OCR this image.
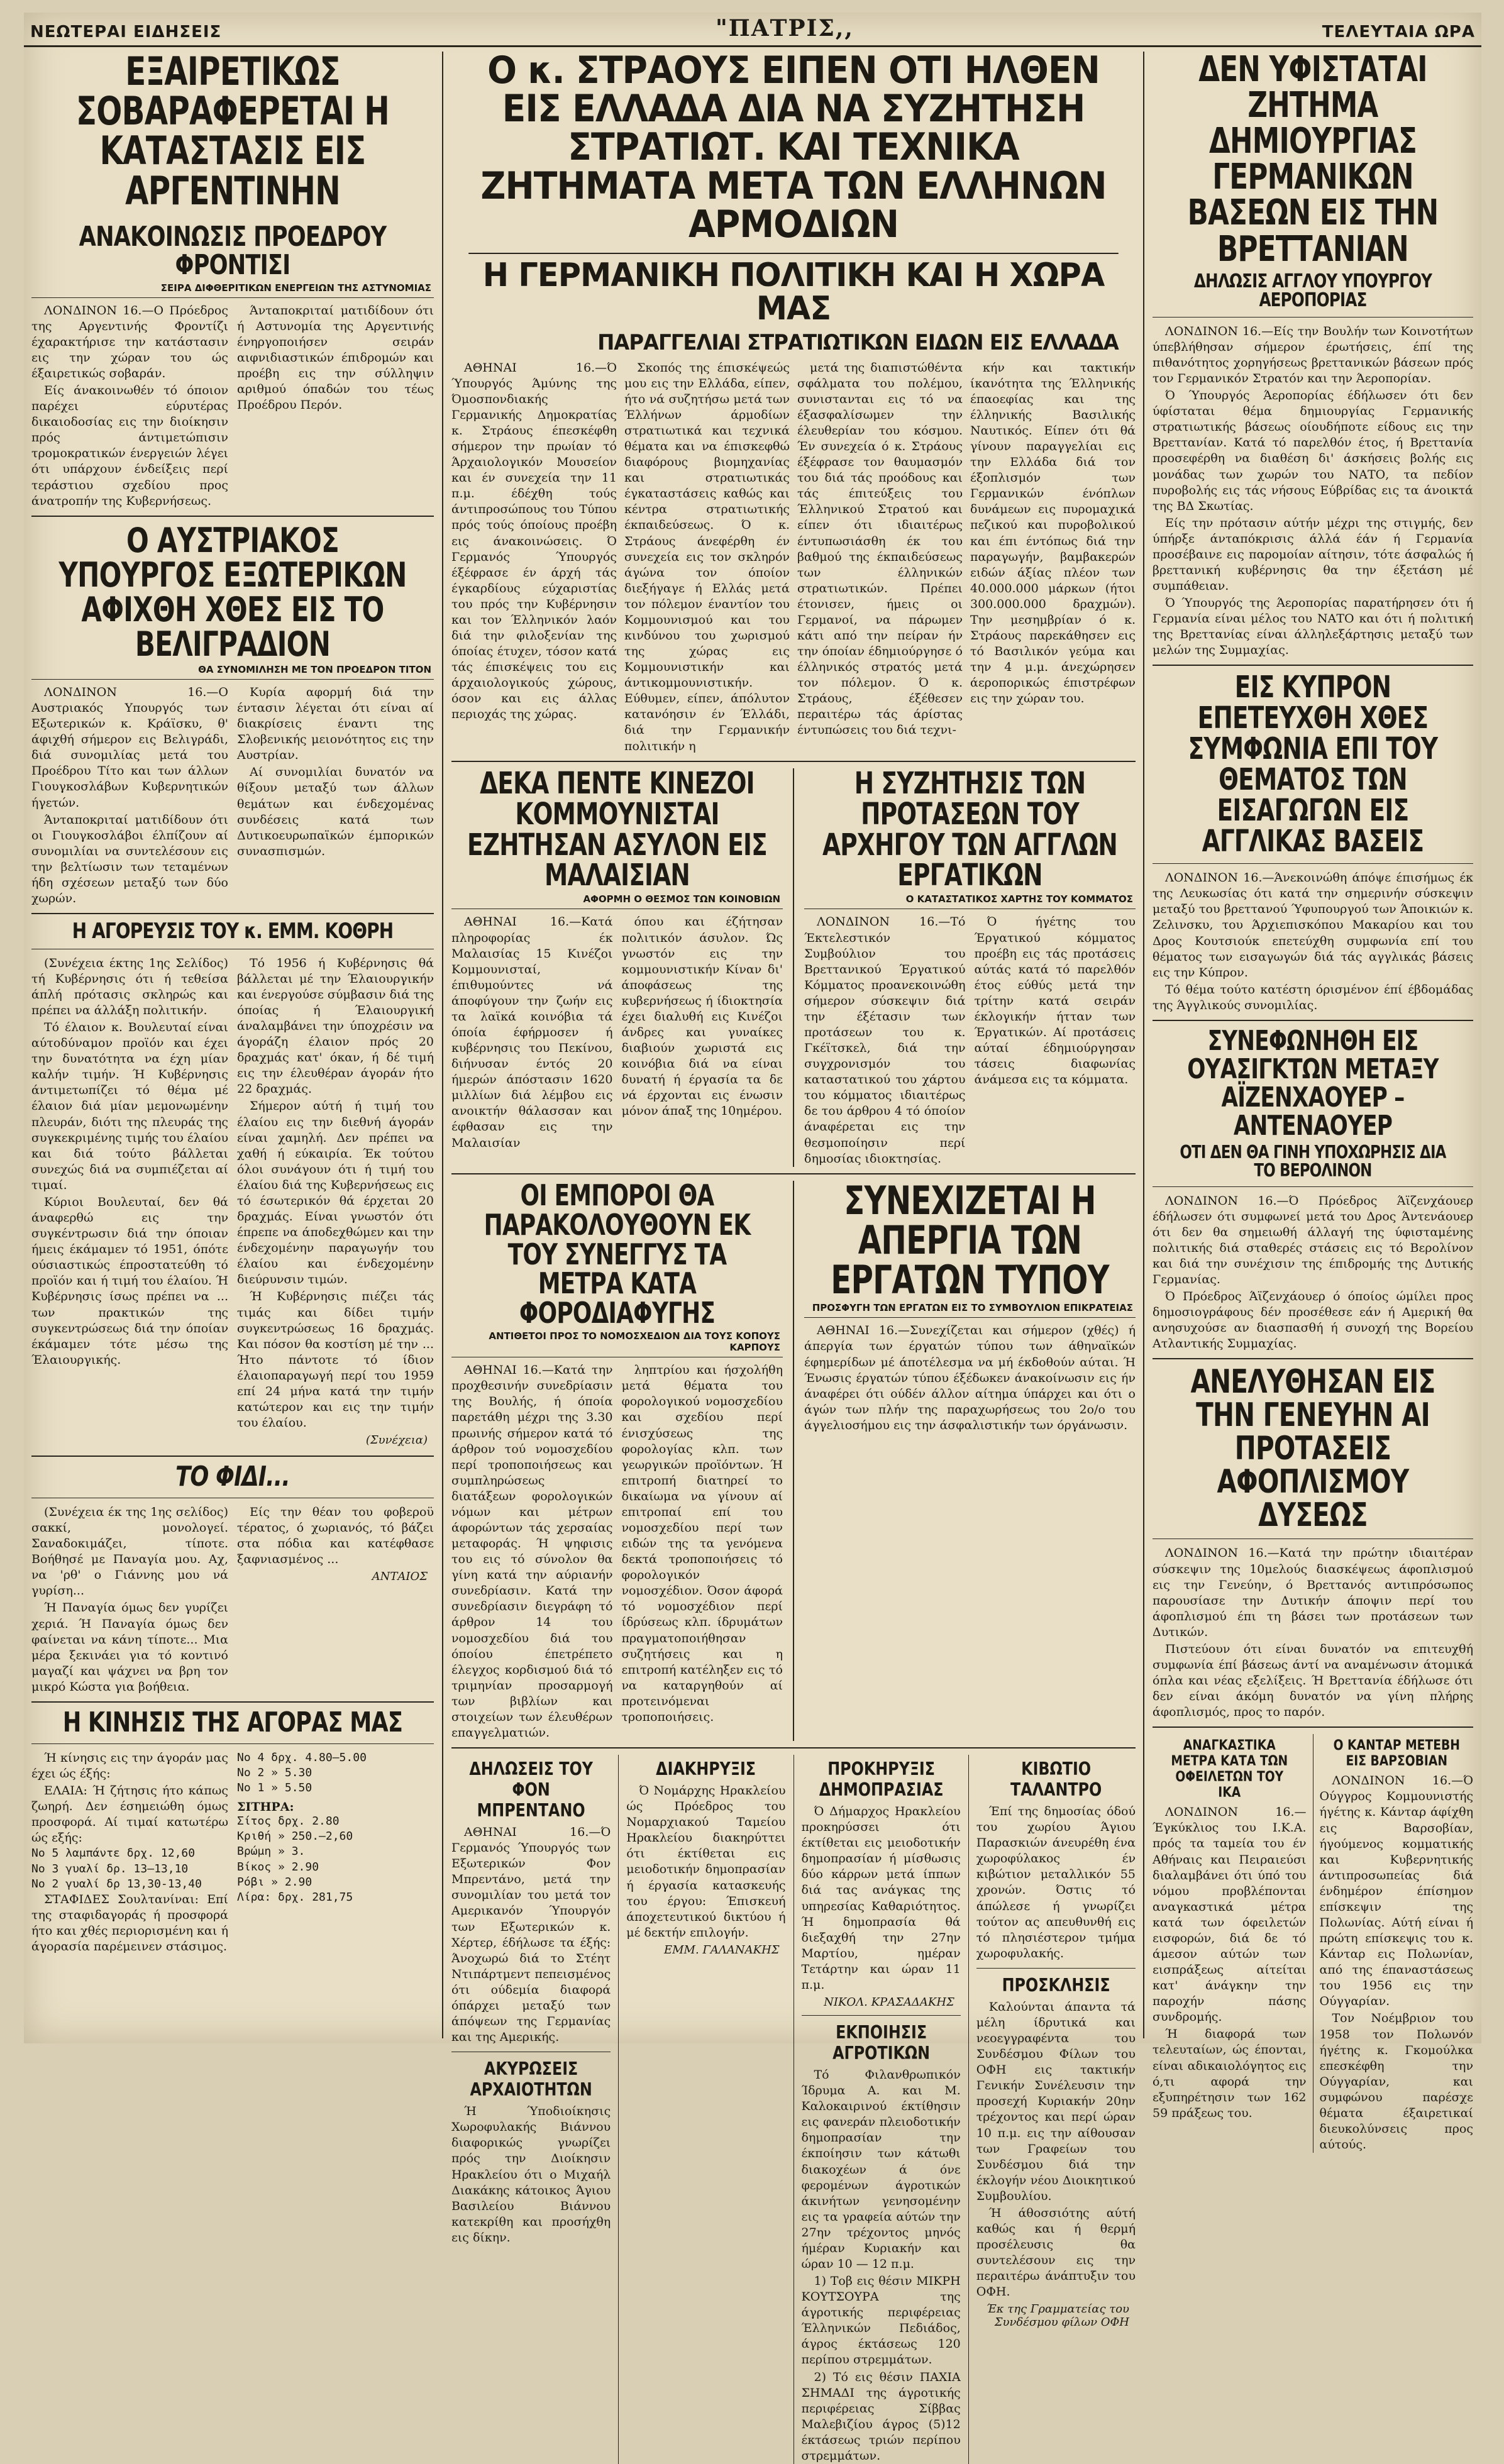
ΝΕΩΤΕΡΑΙ ΕΙΔΗΣΕΙΣ	"ΠΑΤΡΙΣ,,	ΤΕΛΕΥΤΑΙΑ ΩΡΑ
ΕΞΑΙΡΕΤΙΚΩΣ ΣΟΒΑΡΑΦΕΡΕΤΑΙ Η ΚΑΤΑΣΤΑΣΙΣ ΕΙΣ ΑΡΓΕΝΤΙΝΗΝ
ΑΝΑΚΟΙΝΩΣΙΣ ΠΡΟΕΔΡΟΥ ΦΡΟΝΤΙΣΙ
ΣΕΙΡΑ ΔΙΦΘΕΡΙΤΙΚΩΝ ΕΝΕΡΓΕΙΩΝ ΤΗΣ ΑΣΤΥΝΟΜΙΑΣ

ΛΟΝΔΙΝΟΝ 16.—Ο Πρόεδρος της Αργεντινής Φροντίζι έχαρακτήρισε την κατάστασιν εις την χώραν του ώς έξαιρετικώς σοβαράν.

Είς άνακοινωθέν τό όποιον παρέχει εύρυτέρας δικαιοδοσίας εις την διοίκησιν πρός άντιμετώπισιν τρομοκρατικών ένεργειών λέγει ότι υπάρχουν ένδείξεις περί τεράστιου σχεδίου προς άνατροπήν της Κυβερνήσεως.

Άνταποκριταί ματιδίδουν ότι ή Αστυνομία της Αργεντινής ένηργοποιήσεν σειράν αιφνιδιαστικών έπιδρομών και προέβη εις την σύλληψιν αριθμού όπαδών του τέως Προέδρου Περόν.

Ο ΑΥΣΤΡΙΑΚΟΣ ΥΠΟΥΡΓΟΣ ΕΞΩΤΕΡΙΚΩΝ ΑΦΙΧΘΗ ΧΘΕΣ ΕΙΣ ΤΟ ΒΕΛΙΓΡΑΔΙΟΝ
ΘΑ ΣΥΝΟΜΙΛΗΣΗ ΜΕ ΤΟΝ ΠΡΟΕΔΡΟΝ ΤΙΤΟΝ

ΛΟΝΔΙΝΟΝ 16.—Ο Αυστριακός Υπουργός των Εξωτερικών κ. Κράϊσκυ, θ' άφιχθή σήμερον εις Βελιγράδι, διά συνομιλίας μετά του Προέδρου Τίτο και των άλλων Γιουγκοσλάβων Κυβερνητικών ήγετών.

Άνταποκριταί ματιδίδουν ότι οι Γιουγκοσλάβοι έλπίζουν αί συνομιλίαι να συντελέσουν εις την βελτίωσιν των τεταμένων ήδη σχέσεων μεταξύ των δύο χωρών.

Κυρία αφορμή διά την έντασιν λέγεται ότι είναι αί διακρίσεις έναντι της Σλοβενικής μειονότητος εις την Αυστρίαν.

Αί συνομιλίαι δυνατόν να θίξουν μεταξύ των άλλων θεμάτων και ένδεχομένας συνδέσεις κατά των Δυτικοευρωπαϊκών έμπορικών συνασπισμών.

Η ΑΓΟΡΕΥΣΙΣ ΤΟΥ κ. ΕΜΜ. ΚΟΘΡΗ

(Συνέχεια έκτης 1ης Σελίδος) τή Κυβέρνησις ότι ή τεθείσα άπλή πρότασις σκληρώς και πρέπει να άλλάξη πολιτικήν.

Τό έλαιον κ. Βουλευταί είναι αύτοδύναμον προϊόν και έχει την δυνατότητα να έχη μίαν καλήν τιμήν. Ή Κυβέρνησις άντιμετωπίζει τό θέμα μέ έλαιον διά μίαν μεμονωμένην πλευράν, διότι της πλευράς της συγκεκριμένης τιμής του έλαίου και διά τούτο βάλλεται συνεχώς διά να συμπιέζεται αί τιμαί.

Κύριοι Βουλευταί, δεν θά άναφερθώ εις την συγκέντρωσιν διά την όποιαν ήμεις έκάμαμεν τό 1951, όπότε ούσιαστικώς έπροστατεύθη τό προϊόν και ή τιμή του έλαίου. Ή Κυβέρνησις ίσως πρέπει να ... των πρακτικών της συγκεντρώσεως διά την όποίαν έκάμαμεν τότε μέσω της Έλαιουργικής.

Τό 1956 ή Κυβέρνησις θά βάλλεται μέ την Έλαιουργικήν και ένεργούσε σύμβασιν διά της όποίας ή Έλαιουργική άναλαμβάνει την ύποχρέσιν να άγοράζη έλαιον πρός 20 δραχμάς κατ' όκαν, ή δέ τιμή εις την έλευθέραν άγοράν ήτο 22 δραχμάς.

Σήμερον αύτή ή τιμή του έλαίου εις την διεθνή άγοράν είναι χαμηλή. Δεν πρέπει να χαθή ή εύκαιρία. Έκ τούτου όλοι συνάγουν ότι ή τιμή του έλαίου διά της Κυβερνήσεως εις τό έσωτερικόν θά έρχεται 20 δραχμάς. Είναι γνωστόν ότι έπρεπε να άποδεχθώμεν και την ένδεχομένην παραγωγήν του έλαίου και ένδεχομένην διεύρυνσιν τιμών.

Ή Κυβέρνησις πιέζει τάς τιμάς και δίδει τιμήν συγκεντρώσεως 16 δραχμάς. Και πόσον θα κοστίση μέ την ... Ήτο πάντοτε τό ίδιον έλαιοπαραγωγή περί του 1959 επί 24 μήνα κατά την τιμήν κατώτερον και εις την τιμήν του έλαίου.

(Συνέχεια)
ΤΟ ΦΙΔΙ...

(Συνέχεια έκ της 1ης σελίδος) σακκί, μονολογεί. Σαναδοκιμάζει, τίποτε. Βοήθησέ με Παναγία μου. Αχ, να 'ρθ' ο Γιάννης μου νά γυρίση...

Ή Παναγία όμως δεν γυρίζει χεριά. Ή Παναγία όμως δεν φαίνεται να κάνη τίποτε... Μια μέρα ξεκινάει για τό κοντινό μαγαζί και ψάχνει να βρη τον μικρό Κώστα για βοήθεια.

Είς την θέαν του φοβεροϋ τέρατος, ό χωριανός, τό βάζει στα πόδια και κατέφθασε ξαφνιασμένος ...

ΑΝΤΑΙΟΣ
Η ΚΙΝΗΣΙΣ ΤΗΣ ΑΓΟΡΑΣ ΜΑΣ

Ή κίνησις εις την άγοράν μας έχει ώς έξής:

ΕΛΑΙΑ: Ή ζήτησις ήτο κάπως ζωηρή. Δεν έσημειώθη όμως προσφορά. Αί τιμαί κατωτέρω ώς εξής:

Νο 5 λαμπάντε δρχ. 12,60
Νο 3 γυαλί δρ. 13—13,10
Νο 2 γυαλί δρ 13,30-13,40

ΣΤΑΦΙΔΕΣ Σουλτανίναι: Επί της σταφιδαγοράς ή προσφορά ήτο και χθές περιορισμένη και ή άγορασία παρέμεινεν στάσιμος.

Νο 4 δρχ. 4.80—5.00
Νο 2 » 5.30
Νο 1 » 5.50
ΣΙΤΗΡΑ:
Σίτος δρχ. 2.80
Κριθή » 250.—2,60
Βρώμη » 3.
Βίκος » 2.90
Ρόβι » 2.90
Λίρα: δρχ. 281,75
Ο κ. ΣΤΡΑΟΥΣ ΕΙΠΕΝ ΟΤΙ ΗΛΘΕΝ ΕΙΣ ΕΛΛΑΔΑ ΔΙΑ ΝΑ ΣΥΖΗΤΗΣΗ ΣΤΡΑΤΙΩΤ. ΚΑΙ ΤΕΧΝΙΚΑ ΖΗΤΗΜΑΤΑ ΜΕΤΑ ΤΩΝ ΕΛΛΗΝΩΝ ΑΡΜΟΔΙΩΝ
Η ΓΕΡΜΑΝΙΚΗ ΠΟΛΙΤΙΚΗ ΚΑΙ Η ΧΩΡΑ ΜΑΣ
ΠΑΡΑΓΓΕΛΙΑΙ ΣΤΡΑΤΙΩΤΙΚΩΝ ΕΙΔΩΝ ΕΙΣ ΕΛΛΑΔΑ

ΑΘΗΝΑΙ 16.—Ό Ύπουργός Άμύνης της Όμοσπονδιακής Γερμανικής Δημοκρατίας κ. Στράους έπεσκέφθη σήμερον την πρωίαν τό Άρχαιολογικόν Μουσείον και έν συνεχεία την 11 π.μ. έδέχθη τούς άντιπροσώπους του Τύπου πρός τούς όποίους προέβη εις άνακοινώσεις. Ό Γερμανός Ύπουργός έξέφρασε έν άρχή τάς έγκαρδίους εύχαριστίας του πρός την Κυβέρνησιν και τον Έλληνικόν λαόν διά την φιλοξενίαν της όποίας έτυχεν, τόσον κατά τάς έπισκέψεις του εις άρχαιολογικούς χώρους, όσον και εις άλλας περιοχάς της χώρας.

Σκοπός της έπισκέψεώς μου εις την Ελλάδα, είπεν, ήτο νά συζητήσω μετά των Έλλήνων άρμοδίων στρατιωτικά και τεχνικά θέματα και να έπισκεφθώ διαφόρους βιομηχανίας και στρατιωτικάς έγκαταστάσεις καθώς και κέντρα στρατιωτικής έκπαιδεύσεως. Ό κ. Στράους άνεφέρθη έν συνεχεία εις τον σκληρόν άγώνα τον όποίον διεξήγαγε ή Ελλάς μετά τον πόλεμον έναντίον του Κομμουνισμού και του κινδύνου του χωρισμού της χώρας εις Κομμουνιστικήν και άντικομμουνιστικήν. Εύθυμεν, είπεν, άπόλυτον κατανόησιν έν Έλλάδι, διά την Γερμανικήν πολιτικήν η

μετά της διαπιστώθέντα σφάλματα του πολέμου, συνιστανται εις τό να έξασφαλίσωμεν την έλευθερίαν του κόσμου. Έν συνεχεία ό κ. Στράους έξέφρασε τον θαυμασμόν του διά τάς προόδους και τάς έπιτεύξεις του Έλληνικού Στρατού και είπεν ότι ιδιαιτέρως έντυπωσιάσθη έκ του βαθμού της έκπαιδεύσεως των έλληνικών στρατιωτικών. Πρέπει έτονισεν, ήμεις οι Γερμανοί, να πάρωμεν κάτι από την πείραν ήν την όποίαν έδημιούργησε ό έλληνικός στρατός μετά τον πόλεμον. Ό κ. Στράους, έξέθεσεν περαιτέρω τάς άρίστας έντυπώσεις του διά τεχνι-

κήν και τακτικήν ίκανότητα της Έλληνικής έπαοεφίας και της έλληνικής Βασιλικής Ναυτικός. Είπεν ότι θά γίνουν παραγγελίαι εις την Ελλάδα διά τον έξοπλισμόν των Γερμανικών ένόπλων δυνάμεων εις πυρομαχικά πεζικού και πυροβολικού και έπι έντόπως διά την παραγωγήν, βαμβακερών ειδών άξίας πλέον των 40.000.000 μάρκων (ήτοι 300.000.000 δραχμών). Την μεσημβρίαν ό κ. Στράους παρεκάθησεν εις τό Βασιλικόν γεύμα και την 4 μ.μ. άνεχώρησεν άεροπορικώς έπιστρέφων εις την χώραν του.

ΔΕΚΑ ΠΕΝΤΕ ΚΙΝΕΖΟΙ ΚΟΜΜΟΥΝΙΣΤΑΙ ΕΖΗΤΗΣΑΝ ΑΣΥΛΟΝ ΕΙΣ ΜΑΛΑΙΣΙΑΝ
ΑΦΟΡΜΗ Ο ΘΕΣΜΟΣ ΤΩΝ ΚΟΙΝΟΒΙΩΝ

ΑΘΗΝΑΙ 16.—Κατά πληροφορίας έκ Μαλαισίας 15 Κινέζοι Κομμουνισταί, έπιθυμούντες νά άποφύγουν την ζωήν εις τα λαϊκά κοινόβια τά όποία έφήρμοσεν ή κυβέρνησις του Πεκίνου, διήνυσαν έντός 20 ήμερών άπόστασιν 1620 μιλλίων διά λέμβου εις ανοικτήν θάλασσαν και έφθασαν εις την Μαλαισίαν

όπου και έζήτησαν πολιτικόν άσυλον. Ώς γνωστόν εις την κομμουνιστικήν Κίναν δι' άποφάσεως της κυβερνήσεως ή ίδιοκτησία έχει διαλυθή εις Κινέζοι άνδρες και γυναίκες διαβιούν χωριστά εις κοινόβια διά να είναι δυνατή ή έργασία τα δε νά έρχονται εις ένωσιν μόνον άπαξ της 10ημέρου.

Η ΣΥΖΗΤΗΣΙΣ ΤΩΝ ΠΡΟΤΑΣΕΩΝ ΤΟΥ ΑΡΧΗΓΟΥ ΤΩΝ ΑΓΓΛΩΝ ΕΡΓΑΤΙΚΩΝ
Ο ΚΑΤΑΣΤΑΤΙΚΟΣ ΧΑΡΤΗΣ ΤΟΥ ΚΟΜΜΑΤΟΣ

ΛΟΝΔΙΝΟΝ 16.—Τό Έκτελεστικόν Συμβούλιον του Βρεττανικού Έργατικού Κόμματος προανεκοινώθη σήμερον σύσκεψιν διά την έξέτασιν των προτάσεων του κ. Γκέϊτσκελ, διά την συγχρονισμόν του καταστατικού του χάρτου του κόμματος ιδιαιτέρως δε του άρθρου 4 τό όποίον άναφέρεται εις την θεσμοποίησιν περί δημοσίας ιδιοκτησίας.

Ό ήγέτης του Έργατικού κόμματος προέβη εις τάς προτάσεις αύτάς κατά τό παρελθόν έτος εύθύς μετά την τρίτην κατά σειράν έκλογικήν ήτταν των Έργατικών. Αί προτάσεις αύταί έδημιούργησαν τάσεις διαφωνίας άνάμεσα εις τα κόμματα.

ΟΙ ΕΜΠΟΡΟΙ ΘΑ ΠΑΡΑΚΟΛΟΥΘΟΥΝ ΕΚ ΤΟΥ ΣΥΝΕΓΓΥΣ ΤΑ ΜΕΤΡΑ ΚΑΤΑ ΦΟΡΟΔΙΑΦΥΓΗΣ
ΑΝΤΙΘΕΤΟΙ ΠΡΟΣ ΤΟ ΝΟΜΟΣΧΕΔΙΟΝ ΔΙΑ ΤΟΥΣ ΚΟΠΟΥΣ ΚΑΡΠΟΥΣ

ΑΘΗΝΑΙ 16.—Κατά την προχθεσινήν συνεδρίασιν της Βουλής, ή όποία παρετάθη μέχρι της 3.30 πρωινής σήμερον κατά τό άρθρον τού νομοσχεδίου περί τροποποιήσεως και συμπληρώσεως διατάξεων φορολογικών νόμων και μέτρων άφορώντων τάς χερσαίας μεταφοράς. Ή ψηφισις του εις τό σύνολον θα γίνη κατά την αύριανήν συνεδρίασιν. Κατά την συνεδρίασιν διεγράφη τό άρθρον 14 του νομοσχεδίου διά του όποίου έπετρέπετο έλεγχος κορδισμού διά τό τριμηνίαν προσαρμογή των βιβλίων και στοιχείων των έλευθέρων επαγγελματιών.

ληπτρίου και ήσχολήθη μετά θέματα του φορολογικού νομοσχεδίου και σχεδίου περί ένισχύσεως της φορολογίας κλπ. των γεωργικών προϊόντων. Ή επιτροπή διατηρεί το δικαίωμα να γίνουν αί επιτροπαί επί του νομοσχεδίου περί των ειδών της τα γενόμενα δεκτά τροποποιήσεις τό φορολογικόν νομοσχέδιον. Όσον άφορά τό νομοσχέδιον περί ίδρύσεως κλπ. ίδρυμάτων πραγματοποιήθησαν συζητήσεις και η επιτροπή κατέληξεν εις τό να καταργηθούν αί προτεινόμεναι τροποποιήσεις.

ΣΥΝΕΧΙΖΕΤΑΙ Η ΑΠΕΡΓΙΑ ΤΩΝ ΕΡΓΑΤΩΝ ΤΥΠΟΥ
ΠΡΟΣΦΥΓΗ ΤΩΝ ΕΡΓΑΤΩΝ ΕΙΣ ΤΟ ΣΥΜΒΟΥΛΙΟΝ ΕΠΙΚΡΑΤΕΙΑΣ

ΑΘΗΝΑΙ 16.—Συνεχίζεται και σήμερον (χθές) ή άπεργία των έργατών τύπου των άθηναϊκών έφημερίδων μέ άποτέλεσμα να μή έκδοθούν αύται. Ή Ένωσις έργατών τύπου έξέδωκεν άνακοίνωσιν εις ήν άναφέρει ότι ούδέν άλλον αίτημα ύπάρχει και ότι ο άγών των πλήν της παραχωρήσεως του 2ο/ο του άγγελιοσήμου εις την άσφαλιστικήν των όργάνωσιν.

ΔΗΛΩΣΕΙΣ ΤΟΥ ΦΟΝ ΜΠΡΕΝΤΑΝΟ

ΑΘΗΝΑΙ 16.—Ό Γερμανός Ύπουργός των Εξωτερικών Φον Μπρεντάνο, μετά την συνομιλίαν του μετά τον Αμερικανόν Ύπουργόν των Εξωτερικών κ. Χέρτερ, έδήλωσε τα έξής: Άνοχωρώ διά το Στέητ Ντιπάρτμεντ πεπεισμένος ότι ούδεμία διαφορά όπάρχει μεταξύ των άπόψεων της Γερμανίας και της Αμερικής.

ΑΚΥΡΩΣΕΙΣ ΑΡΧΑΙΟΤΗΤΩΝ

Ή Ύποδιοίκησις Χωροφυλακής Βιάννου διαφορικώς γνωρίζει πρός την Διοίκησιν Ηρακλείου ότι ο Μιχαήλ Διακάκης κάτοικος Άγιου Βασιλείου Βιάννου κατεκρίθη και προσήχθη εις δίκην.

ΔΙΑΚΗΡΥΞΙΣ

Ό Νομάρχης Ηρακλείου ώς Πρόεδρος του Νομαρχιακού Ταμείου Ηρακλείου διακηρύττει ότι έκτίθεται εις μειοδοτικήν δημοπρασίαν ή έργασία κατασκευής του έργου: Έπισκευή άποχετευτικού δικτύου ή μέ δεκτήν επιλογήν.

ΕΜΜ. ΓΑΛΑΝΑΚΗΣ
ΠΡΟΚΗΡΥΞΙΣ ΔΗΜΟΠΡΑΣΙΑΣ

Ό Δήμαρχος Ηρακλείου προκηρύσσει ότι έκτίθεται εις μειοδοτικήν δημοπρασίαν ή μίσθωσις δύο κάρρων μετά ίππων διά τας ανάγκας της υπηρεσίας Καθαριότητος. Ή δημοπρασία θά διεξαχθή την 27ην Μαρτίου, ημέραν Τετάρτην και ώραν 11 π.μ.

ΝΙΚΟΛ. ΚΡΑΣΑΔΑΚΗΣ
ΕΚΠΟΙΗΣΙΣ ΑΓΡΟΤΙΚΩΝ

Τό Φιλανθρωπικόν Ίδρυμα Α. και Μ. Καλοκαιρινού έκτίθησιν εις φανεράν πλειοδοτικήν δημοπρασίαν την έκποίησιν των κάτωθι διακοχέων ά όνε φερομένων άγροτικών άκινήτων γενησομένην εις τα γραφεία αύτών την 27ην τρέχοντος μηνός ήμέραν Κυριακήν και ώραν 10 — 12 π.μ.

1) Τοβ εις θέσιν ΜΙΚΡΗ ΚΟΥΤΣΟΥΡΑ της άγροτικής περιφέρειας Έλληνικών Πεδιάδος, άγρος έκτάσεως 120 περίπου στρεμμάτων.

2) Τό εις θέσιν ΠΑΧΙΑ ΣΗΜΑΔΙ της άγροτικής περιφέρειας Σίββας Μαλεβιζίου άγρος (5)12 έκτάσεως τριών περίπου στρεμμάτων.

ΚΙΒΩΤΙΟ ΤΑΛΑΝΤΡΟ

Έπί της δημοσίας όδού του χωρίου Άγιου Παρασκιών άνευρέθη ένα χωροφύλακος έν κιβώτιον μεταλλικόν 55 χρονών. Όστις τό άπώλεσε ή γνωρίζει τούτον ας απευθυνθή εις τό πλησιέστερον τμήμα χωροφυλακής.

ΠΡΟΣΚΛΗΣΙΣ

Καλούνται άπαντα τά μέλη ίδρυτικά και νεοεγγραφέντα του Συνδέσμου Φίλων του ΟΦΗ εις τακτικήν Γενικήν Συνέλευσιν την προσεχή Κυριακήν 20ην τρέχοντος και περί ώραν 10 π.μ. εις την αίθουσαν των Γραφείων του Συνδέσμου διά την έκλογήν νέου Διοικητικού Συμβουλίου.

Ή άθοσσιότης αύτή καθώς και ή θερμή προσέλευσις θα συντελέσουν εις την περαιτέρω άνάπτυξιν του ΟΦΗ.

Έκ της Γραμματείας του Συνδέσμου φίλων ΟΦΗ
ΔΕΝ ΥΦΙΣΤΑΤΑΙ ΖΗΤΗΜΑ ΔΗΜΙΟΥΡΓΙΑΣ ΓΕΡΜΑΝΙΚΩΝ ΒΑΣΕΩΝ ΕΙΣ ΤΗΝ ΒΡΕΤΤΑΝΙΑΝ
ΔΗΛΩΣΙΣ ΑΓΓΛΟΥ ΥΠΟΥΡΓΟΥ ΑΕΡΟΠΟΡΙΑΣ

ΛΟΝΔΙΝΟΝ 16.—Είς την Βουλήν των Κοινοτήτων ύπεβλήθησαν σήμερον έρωτήσεις, έπί της πιθανότητος χορηγήσεως βρεττανικών βάσεων πρός τον Γερμανικόν Στρατόν και την Άεροπορίαν.

Ό Ύπουργός Άεροπορίας έδήλωσεν ότι δεν ύφίσταται θέμα δημιουργίας Γερμανικής στρατιωτικής βάσεως οίουδήποτε είδους εις την Βρεττανίαν. Κατά τό παρελθόν έτος, ή Βρεττανία προσεφέρθη να διαθέση δι' άσκήσεις βολής εις μονάδας των χωρών του ΝΑΤΟ, τα πεδίον πυροβολής εις τάς νήσους Εύβρίδας εις τα άνοικτά της ΒΔ Σκωτίας.

Είς την πρότασιν αύτήν μέχρι της στιγμής, δεν ύπήρξε άνταπόκρισις άλλά έάν ή Γερμανία προσέβαινε εις παρομοίαν αίτησιν, τότε άσφαλώς ή βρεττανική κυβέρνησις θα την έξετάση μέ συμπάθειαν.

Ό Ύπουργός της Άεροπορίας παρατήρησεν ότι ή Γερμανία είναι μέλος του ΝΑΤΟ και ότι ή πολιτική της Βρεττανίας είναι άλληλεξάρτησις μεταξύ των μελών της Συμμαχίας.

ΕΙΣ ΚΥΠΡΟΝ ΕΠΕΤΕΥΧΘΗ ΧΘΕΣ ΣΥΜΦΩΝΙΑ ΕΠΙ ΤΟΥ ΘΕΜΑΤΟΣ ΤΩΝ ΕΙΣΑΓΩΓΩΝ ΕΙΣ ΑΓΓΛΙΚΑΣ ΒΑΣΕΙΣ

ΛΟΝΔΙΝΟΝ 16.—Άνεκοινώθη άπόψε έπισήμως έκ της Λευκωσίας ότι κατά την σημερινήν σύσκεψιν μεταξύ του βρεττανού Ύφυπουργού των Άποικιών κ. Ζελινσκυ, του Άρχιεπισκόπου Μακαρίου και του Δρος Κουτσιούκ επετεύχθη συμφωνία επί του θέματος των εισαγωγών διά τάς αγγλικάς βάσεις εις την Κύπρον.

Τό θέμα τούτο κατέστη όρισμένον έπί έβδομάδας της Άγγλικούς συνομιλίας.

ΣΥΝΕΦΩΝΗΘΗ ΕΙΣ ΟΥΑΣΙΓΚΤΩΝ ΜΕΤΑΞΥ ΑΪΖΕΝΧΑΟΥΕΡ – ΑΝΤΕΝΑΟΥΕΡ
ΟΤΙ ΔΕΝ ΘΑ ΓΙΝΗ ΥΠΟΧΩΡΗΣΙΣ ΔΙΑ ΤΟ ΒΕΡΟΛΙΝΟΝ

ΛΟΝΔΙΝΟΝ 16.—Ό Πρόεδρος Άϊζενχάουερ έδήλωσεν ότι συμφωνεί μετά του Δρος Άντενάουερ ότι δεν θα σημειωθή άλλαγή της ύφισταμένης πολιτικής διά σταθερές στάσεις εις τό Βερολίνον και διά την συνέχισιν της έπιδρομής της Δυτικής Γερμανίας.

Ό Πρόεδρος Άϊζενχάουερ ό όποίος ώμίλει προς δημοσιογράφους δέν προσέθεσε εάν ή Αμερική θα ανησυχούσε αν διασπασθή ή συνοχή της Βορείου Ατλαντικής Συμμαχίας.

ΑΝΕΛΥΘΗΣΑΝ ΕΙΣ ΤΗΝ ΓΕΝΕΥΗΝ ΑΙ ΠΡΟΤΑΣΕΙΣ ΑΦΟΠΛΙΣΜΟΥ ΔΥΣΕΩΣ

ΛΟΝΔΙΝΟΝ 16.—Κατά την πρώτην ιδιαιτέραν σύσκεψιν της 10μελούς διασκέψεως άφοπλισμού εις την Γενεύην, ό Βρεττανός αντιπρόσωπος παρουσίασε την Δυτικήν άποψιν περί του άφοπλισμού έπι τη βάσει των προτάσεων των Δυτικών.

Πιστεύουν ότι είναι δυνατόν να επιτευχθή συμφωνία έπί βάσεως άντί να αναμένωσιν άτομικά όπλα και νέας εξελίξεις. Ή Βρεττανία έδήλωσε ότι δεν είναι άκόμη δυνατόν να γίνη πλήρης άφοπλισμός, προς το παρόν.

ΑΝΑΓΚΑΣΤΙΚΑ ΜΕΤΡΑ ΚΑΤΑ ΤΩΝ ΟΦΕΙΛΕΤΩΝ ΤΟΥ ΙΚΑ

ΛΟΝΔΙΝΟΝ 16.—Έγκύκλιος του Ι.Κ.Α. πρός τα ταμεία του έν Αθήναις και Πειραιεύσι διαλαμβάνει ότι ύπό του νόμου προβλέπονται αναγκαστικά μέτρα κατά των όφειλετών εισφορών, διά δε τό άμεσον αύτών των εισπράξεως αίτείται κατ' άνάγκην την παροχήν πάσης συνδρομής.

Ή διαφορά των τελευταίων, ώς έπονται, είναι αδικαιολόγητος εις ό,τι αφορά την εξυπηρέτησιν των 162 59 πράξεως του.

Ο ΚΑΝΤΑΡ ΜΕΤΕΒΗ ΕΙΣ ΒΑΡΣΟΒΙΑΝ

ΛΟΝΔΙΝΟΝ 16.—Ό Ούγγρος Κομμουνιστής ήγέτης κ. Κάνταρ άφίχθη εις Βαρσοβίαν, ήγούμενος κομματικής και Κυβερνητικής άντιπροσωπείας διά ένδημέρον έπίσημον επίσκεψιν της Πολωνίας. Αύτή είναι ή πρώτη επίσκεψις του κ. Κάνταρ εις Πολωνίαν, από της έπαναστάσεως του 1956 εις την Ούγγαρίαν.

Τον Νοέμβριον του 1958 τον Πολωνόν ήγέτης κ. Γκομούλκα επεσκέφθη την Ούγγαρίαν, και συμφώνου παρέσχε θέματα έξαιρετικαί διευκολύνσεις προς αύτούς.
